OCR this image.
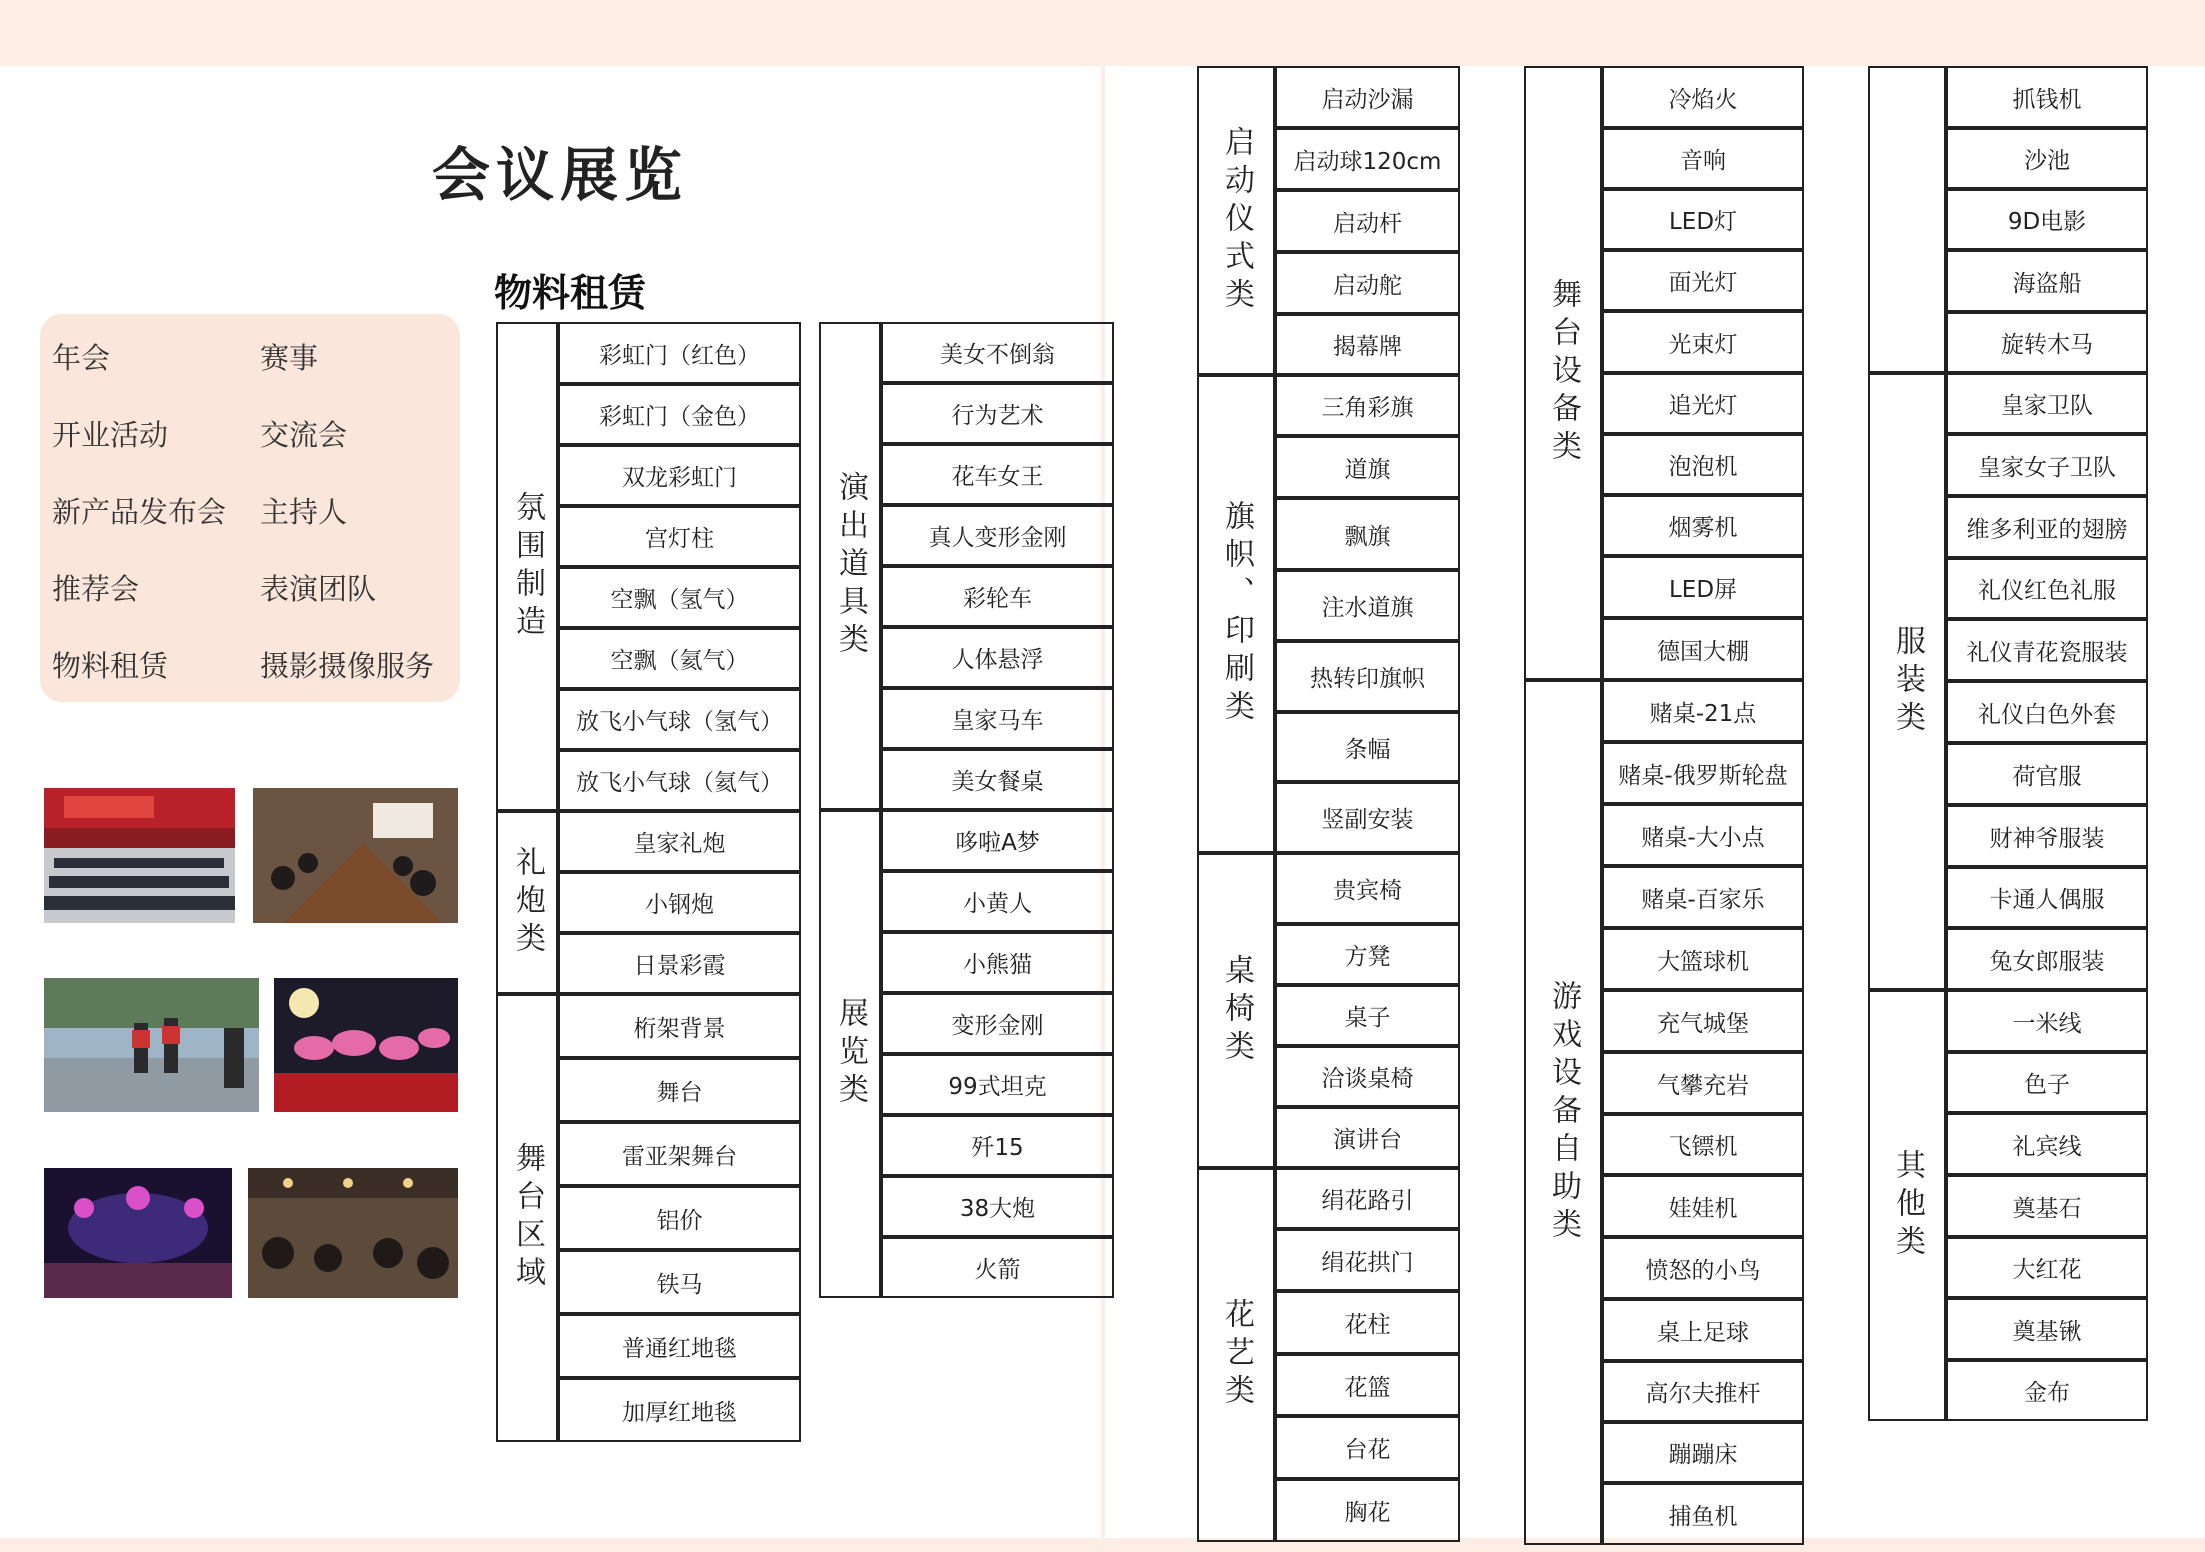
会议展览
物料租赁
年会
开业活动
新产品发布会
推荐会
物料租赁
赛事
交流会
主持人
表演团队
摄影摄像服务
彩虹门（红色）
彩虹门（金色）
双龙彩虹门
宫灯柱
空飘（氢气）
空飘（氦气）
放飞小气球（氢气）
放飞小气球（氦气）
氛围制造
皇家礼炮
小钢炮
日景彩霞
礼炮类
桁架背景
舞台
雷亚架舞台
铝价
铁马
普通红地毯
加厚红地毯
舞台区域
美女不倒翁
行为艺术
花车女王
真人变形金刚
彩轮车
人体悬浮
皇家马车
美女餐桌
演出道具类
哆啦A梦
小黄人
小熊猫
变形金刚
99式坦克
歼15
38大炮
火箭
展览类
启动沙漏
启动球120cm
启动杆
启动舵
揭幕牌
启动仪式类
三角彩旗
道旗
飘旗
注水道旗
热转印旗帜
条幅
竖副安装
旗帜、印刷类
贵宾椅
方凳
桌子
洽谈桌椅
演讲台
桌椅类
绢花路引
绢花拱门
花柱
花篮
台花
胸花
花艺类
冷焰火
音响
LED灯
面光灯
光束灯
追光灯
泡泡机
烟雾机
LED屏
德国大棚
舞台设备类
赌桌-21点
赌桌-俄罗斯轮盘
赌桌-大小点
赌桌-百家乐
大篮球机
充气城堡
气攀充岩
飞镖机
娃娃机
愤怒的小鸟
桌上足球
高尔夫推杆
蹦蹦床
捕鱼机
游戏设备自助类
抓钱机
沙池
9D电影
海盗船
旋转木马
皇家卫队
皇家女子卫队
维多利亚的翅膀
礼仪红色礼服
礼仪青花瓷服装
礼仪白色外套
荷官服
财神爷服装
卡通人偶服
兔女郎服装
服装类
一米线
色子
礼宾线
奠基石
大红花
奠基锹
金布
其他类
